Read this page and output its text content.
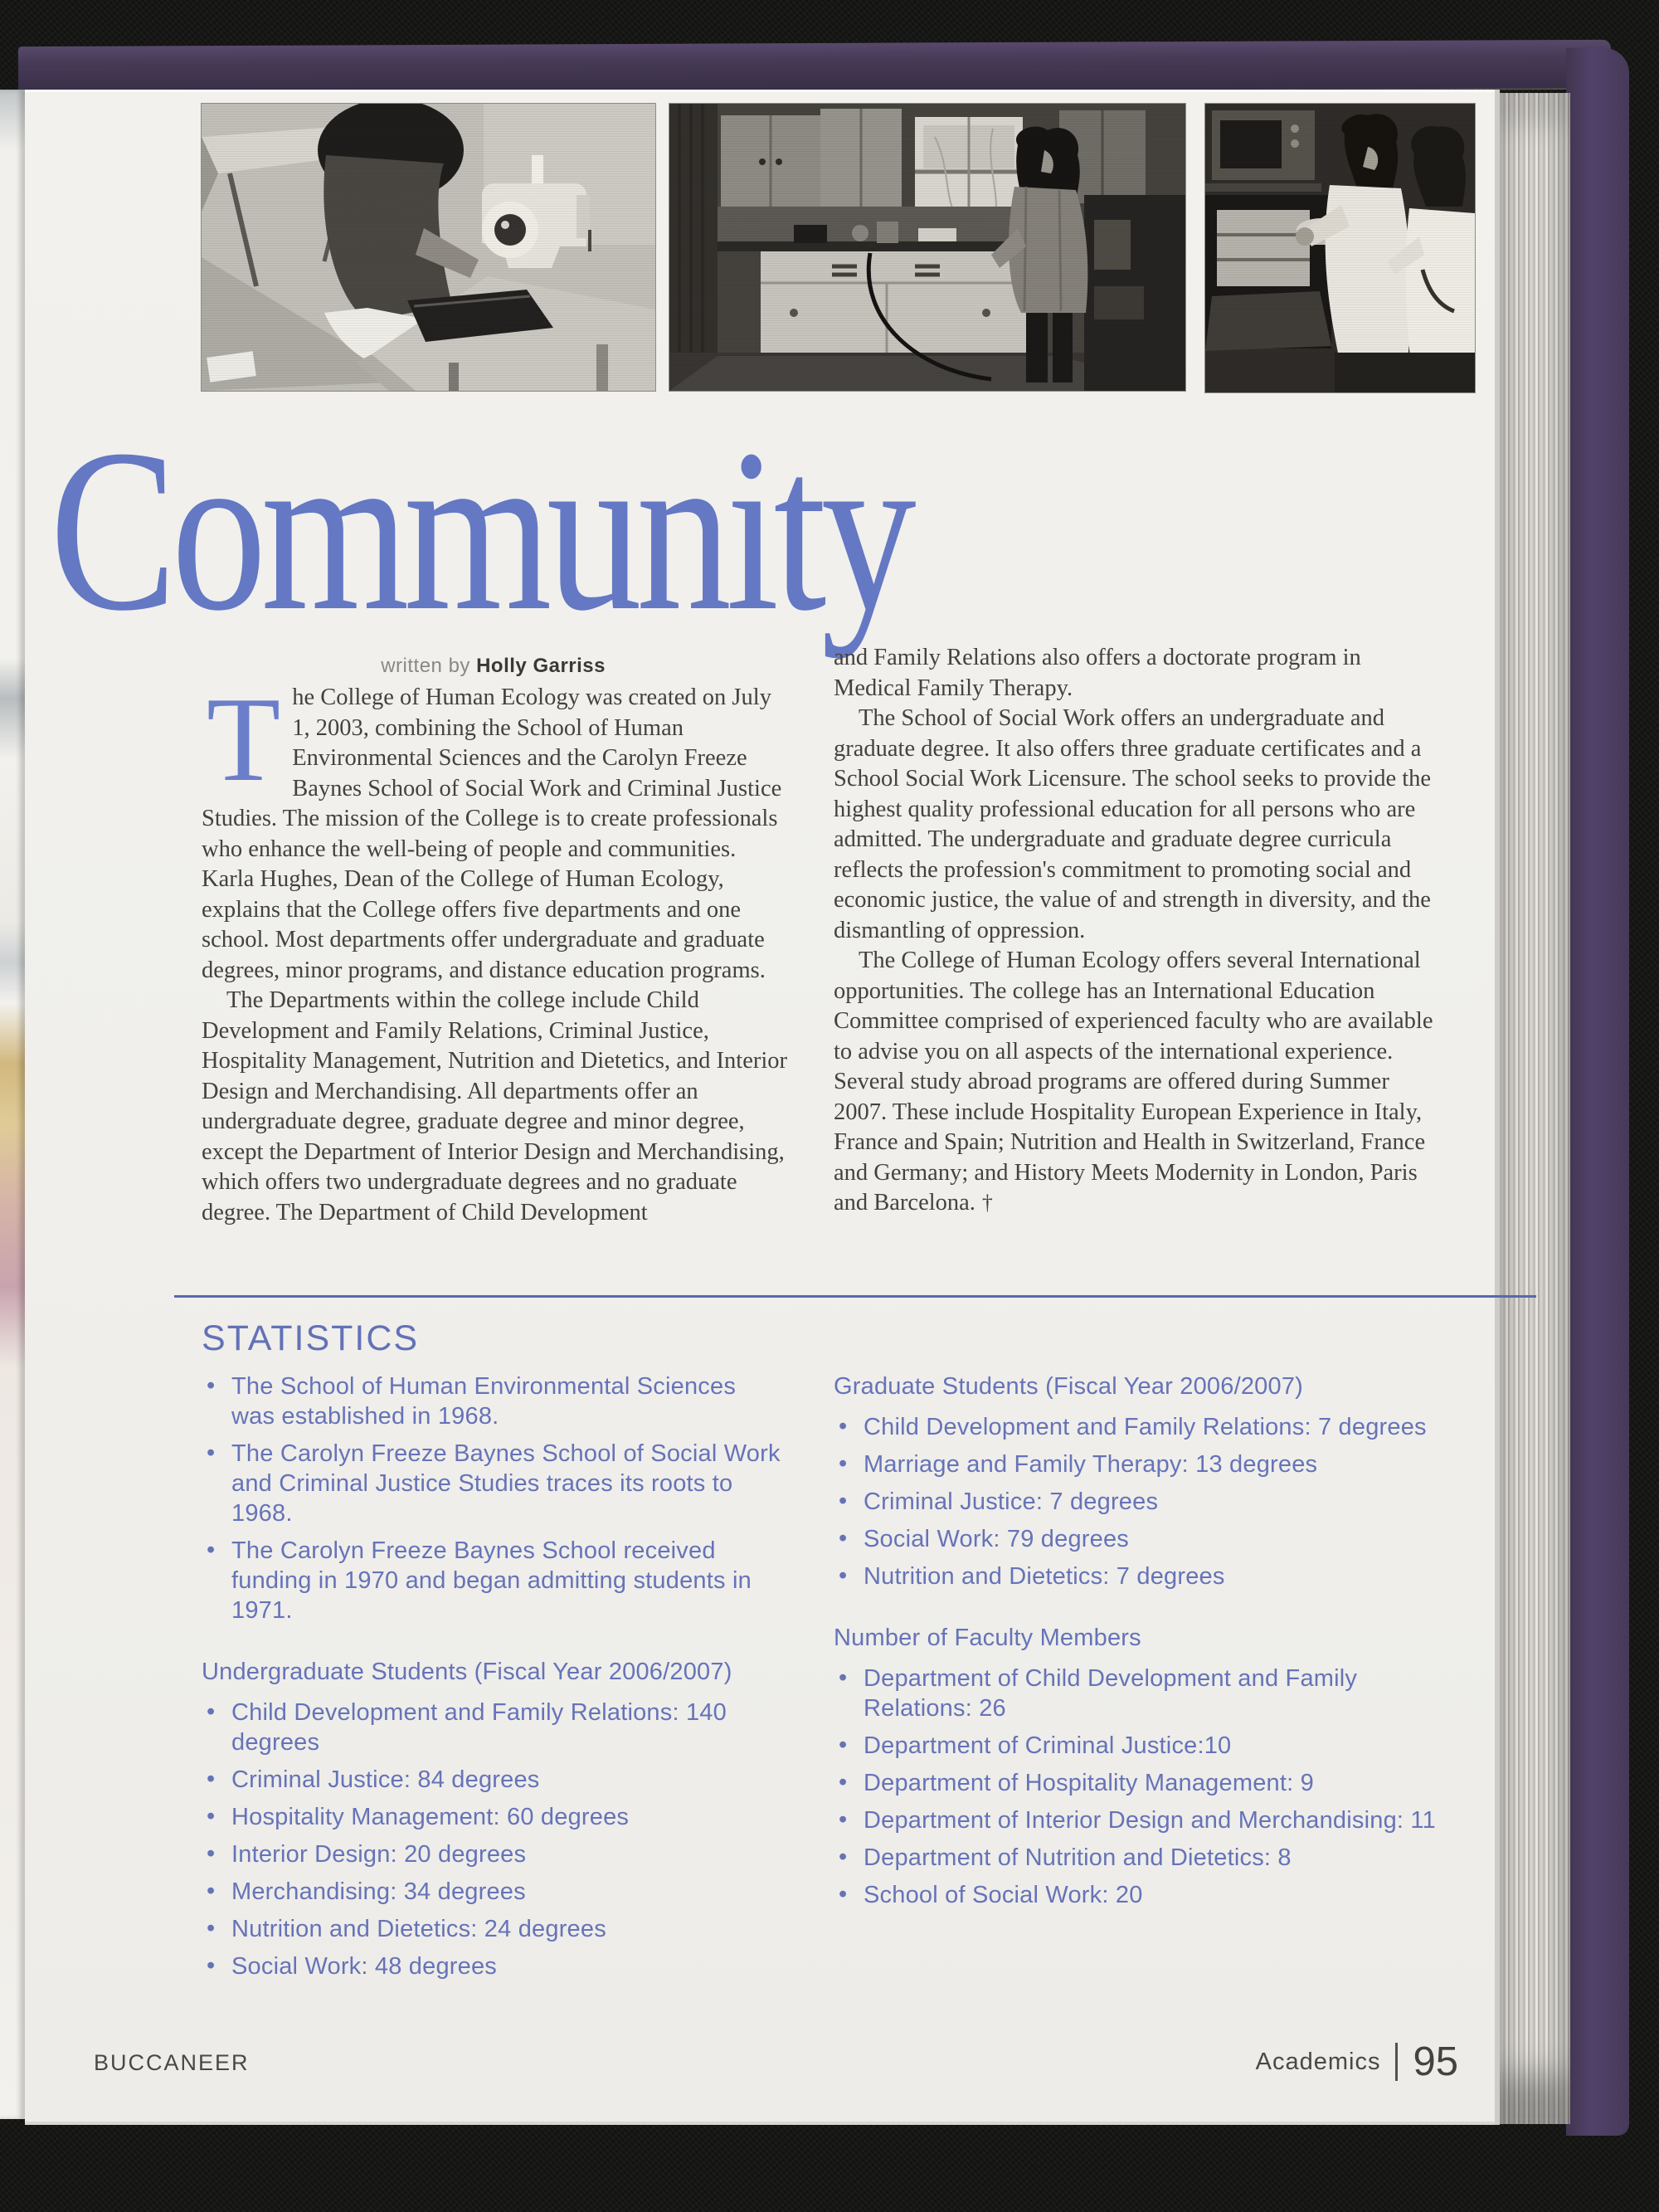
Community
written by Holly Garriss

T he College of Human Ecology was created on July 1, 2003, combining the School of Human Environmental Sciences and the Carolyn Freeze Baynes School of Social Work and Criminal Justice Studies. The mission of the College is to create professionals who enhance the well-being of people and communities. Karla Hughes, Dean of the College of Human Ecology, explains that the College offers five departments and one school. Most departments offer undergraduate and graduate degrees, minor programs, and distance education programs.

The Departments within the college include Child Development and Family Relations, Criminal Justice, Hospitality Management, Nutrition and Dietetics, and Interior Design and Merchandising. All departments offer an undergraduate degree, graduate degree and minor degree, except the Department of Interior Design and Merchandising, which offers two undergraduate degrees and no graduate degree. The Department of Child Development

and Family Relations also offers a doctorate program in Medical Family Therapy.

The School of Social Work offers an undergraduate and graduate degree. It also offers three graduate certificates and a School Social Work Licensure. The school seeks to provide the highest quality professional education for all persons who are admitted. The undergraduate and graduate degree curricula reflects the profession's commitment to promoting social and economic justice, the value of and strength in diversity, and the dismantling of oppression.

The College of Human Ecology offers several International opportunities. The college has an International Education Committee comprised of experienced faculty who are available to advise you on all aspects of the international experience. Several study abroad programs are offered during Summer 2007. These include Hospitality European Experience in Italy, France and Spain; Nutrition and Health in Switzerland, France and Germany; and History Meets Modernity in London, Paris and Barcelona. †

STATISTICS
• The School of Human Environmental Sciences was established in 1968.
• The Carolyn Freeze Baynes School of Social Work and Criminal Justice Studies traces its roots to 1968.
• The Carolyn Freeze Baynes School received funding in 1970 and began admitting students in 1971.
Undergraduate Students (Fiscal Year 2006/2007)
• Child Development and Family Relations: 140 degrees
• Criminal Justice: 84 degrees
• Hospitality Management: 60 degrees
• Interior Design: 20 degrees
• Merchandising: 34 degrees
• Nutrition and Dietetics: 24 degrees
• Social Work: 48 degrees
Graduate Students (Fiscal Year 2006/2007)
• Child Development and Family Relations: 7 degrees
• Marriage and Family Therapy: 13 degrees
• Criminal Justice: 7 degrees
• Social Work: 79 degrees
• Nutrition and Dietetics: 7 degrees
Number of Faculty Members
• Department of Child Development and Family Relations: 26
• Department of Criminal Justice:10
• Department of Hospitality Management: 9
• Department of Interior Design and Merchandising: 11
• Department of Nutrition and Dietetics: 8
• School of Social Work: 20
BUCCANEER	Academics 95
